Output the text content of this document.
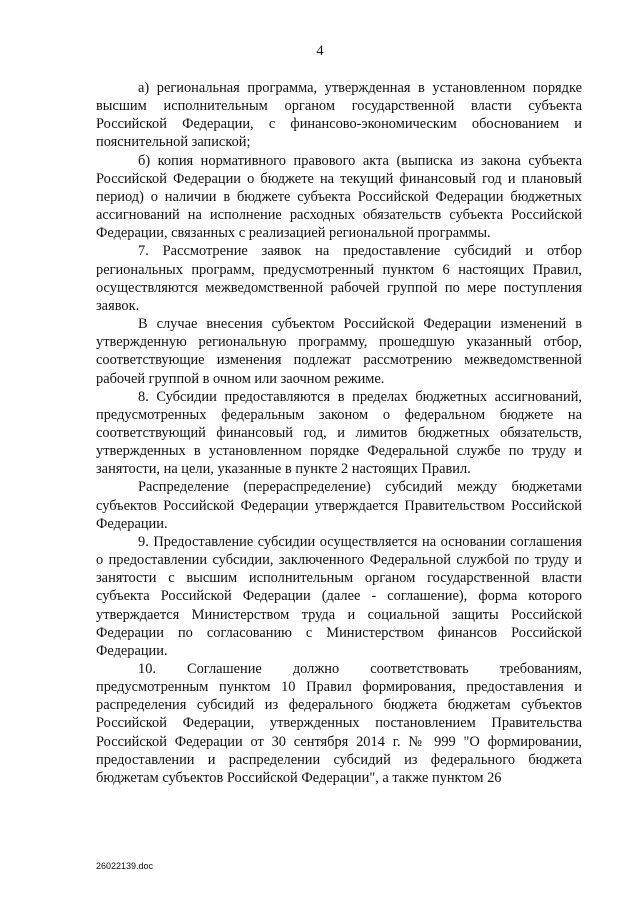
4

а) региональная программа, утвержденная в установленном порядке высшим исполнительным органом государственной власти субъекта Российской Федерации, с финансово-экономическим обоснованием и пояснительной запиской;

б) копия нормативного правового акта (выписка из закона субъекта Российской Федерации о бюджете на текущий финансовый год и плановый период) о наличии в бюджете субъекта Российской Федерации бюджетных ассигнований на исполнение расходных обязательств субъекта Российской Федерации, связанных с реализацией региональной программы.

7. Рассмотрение заявок на предоставление субсидий и отбор региональных программ, предусмотренный пунктом 6 настоящих Правил, осуществляются межведомственной рабочей группой по мере поступления заявок.

В случае внесения субъектом Российской Федерации изменений в утвержденную региональную программу, прошедшую указанный отбор, соответствующие изменения подлежат рассмотрению межведомственной рабочей группой в очном или заочном режиме.

8. Субсидии предоставляются в пределах бюджетных ассигнований, предусмотренных федеральным законом о федеральном бюджете на соответствующий финансовый год, и лимитов бюджетных обязательств, утвержденных в установленном порядке Федеральной службе по труду и занятости, на цели, указанные в пункте 2 настоящих Правил.

Распределение (перераспределение) субсидий между бюджетами субъектов Российской Федерации утверждается Правительством Российской Федерации.

9. Предоставление субсидии осуществляется на основании соглашения о предоставлении субсидии, заключенного Федеральной службой по труду и занятости с высшим исполнительным органом государственной власти субъекта Российской Федерации (далее - соглашение), форма которого утверждается Министерством труда и социальной защиты Российской Федерации по согласованию с Министерством финансов Российской Федерации.

10. Соглашение должно соответствовать требованиям, предусмотренным пунктом 10 Правил формирования, предоставления и распределения субсидий из федерального бюджета бюджетам субъектов Российской Федерации, утвержденных постановлением Правительства Российской Федерации от 30 сентября 2014 г. № 999 "О формировании, предоставлении и распределении субсидий из федерального бюджета бюджетам субъектов Российской Федерации", а также пунктом 26

26022139.doc
